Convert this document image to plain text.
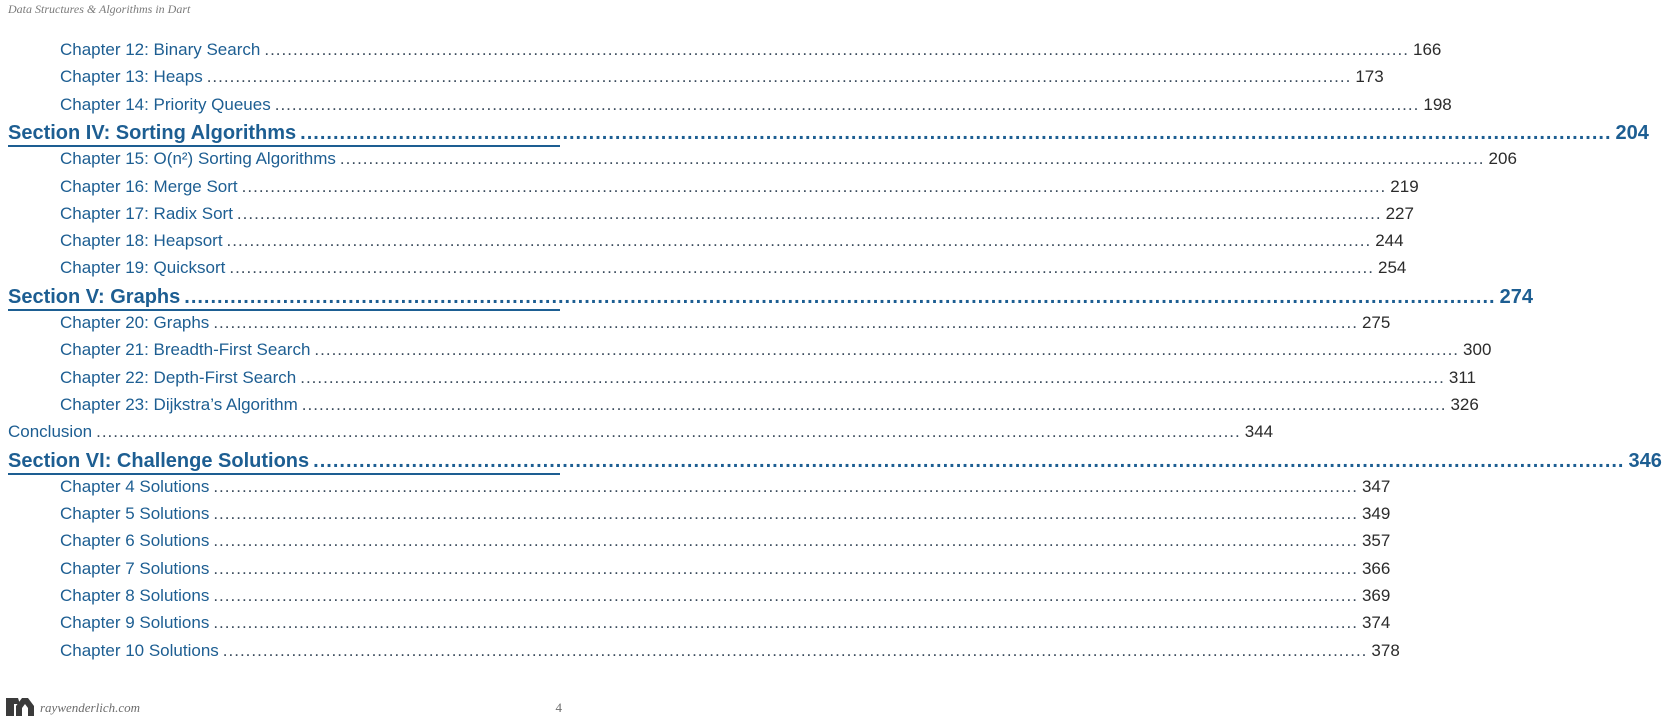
Data Structures & Algorithms in Dart
Chapter 12: Binary Search ........................................................................................................................................................................................................ 166
Chapter 13: Heaps ........................................................................................................................................................................................................ 173
Chapter 14: Priority Queues ........................................................................................................................................................................................................ 198
Section IV: Sorting Algorithms ........................................................................................................................................................................................................ 204
Chapter 15: O(n²) Sorting Algorithms ........................................................................................................................................................................................................ 206
Chapter 16: Merge Sort ........................................................................................................................................................................................................ 219
Chapter 17: Radix Sort ........................................................................................................................................................................................................ 227
Chapter 18: Heapsort ........................................................................................................................................................................................................ 244
Chapter 19: Quicksort ........................................................................................................................................................................................................ 254
Section V: Graphs ........................................................................................................................................................................................................ 274
Chapter 20: Graphs ........................................................................................................................................................................................................ 275
Chapter 21: Breadth-First Search ........................................................................................................................................................................................................ 300
Chapter 22: Depth-First Search ........................................................................................................................................................................................................ 311
Chapter 23: Dijkstra’s Algorithm ........................................................................................................................................................................................................ 326
Conclusion ........................................................................................................................................................................................................ 344
Section VI: Challenge Solutions ........................................................................................................................................................................................................ 346
Chapter 4 Solutions ........................................................................................................................................................................................................ 347
Chapter 5 Solutions ........................................................................................................................................................................................................ 349
Chapter 6 Solutions ........................................................................................................................................................................................................ 357
Chapter 7 Solutions ........................................................................................................................................................................................................ 366
Chapter 8 Solutions ........................................................................................................................................................................................................ 369
Chapter 9 Solutions ........................................................................................................................................................................................................ 374
Chapter 10 Solutions ........................................................................................................................................................................................................ 378
raywenderlich.com	4
